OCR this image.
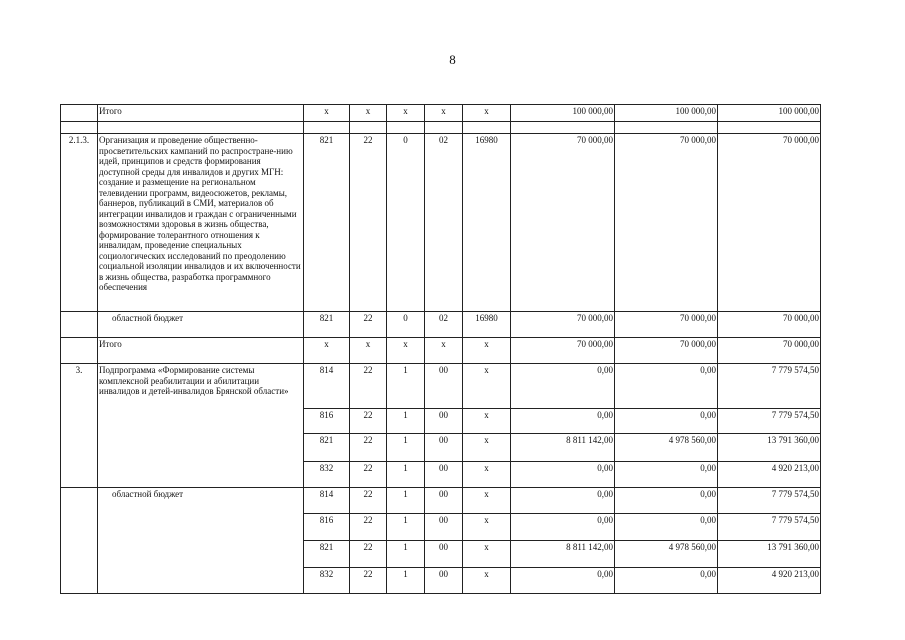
8
	Итого	x	x	x	x	x	100 000,00	100 000,00	100 000,00

2.1.3.	Организация и проведение общественно-просветительских кампаний по распростране-нию идей, принципов и средств формирования доступной среды для инвалидов и других МГН: создание и размещение на региональном телевидении программ, видеосюжетов, рекламы, баннеров, публикаций в СМИ, материалов об интеграции инвалидов и граждан с ограниченными возможностями здоровья в жизнь общества, формирование толерантного отношения к инвалидам, проведение специальных социологических исследований по преодолению социальной изоляции инвалидов и их включенности в жизнь общества, разработка программного обеспечения	821	22	0	02	16980	70 000,00	70 000,00	70 000,00
	областной бюджет	821	22	0	02	16980	70 000,00	70 000,00	70 000,00
	Итого	x	x	x	x	x	70 000,00	70 000,00	70 000,00
3.	Подпрограмма «Формирование системы комплексной реабилитации и абилитации инвалидов и детей-инвалидов Брянской области»	814	22	1	00	x	0,00	0,00	7 779 574,50
		816	22	1	00	x	0,00	0,00	7 779 574,50
		821	22	1	00	x	8 811 142,00	4 978 560,00	13 791 360,00
		832	22	1	00	x	0,00	0,00	4 920 213,00
	областной бюджет	814	22	1	00	x	0,00	0,00	7 779 574,50
		816	22	1	00	x	0,00	0,00	7 779 574,50
		821	22	1	00	x	8 811 142,00	4 978 560,00	13 791 360,00
		832	22	1	00	x	0,00	0,00	4 920 213,00
